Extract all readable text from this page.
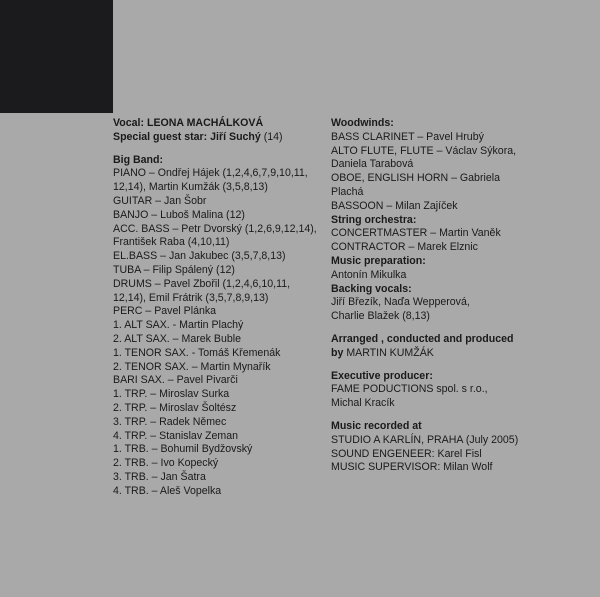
Vocal: LEONA MACHÁLKOVÁ
Special guest star: Jiří Suchý (14)
Big Band:
PIANO – Ondřej Hájek (1,2,4,6,7,9,10,11,
12,14), Martin Kumžák (3,5,8,13)
GUITAR – Jan Šobr
BANJO – Luboš Malina (12)
ACC. BASS – Petr Dvorský (1,2,6,9,12,14),
František Raba (4,10,11)
EL.BASS – Jan Jakubec (3,5,7,8,13)
TUBA – Filip Spálený (12)
DRUMS – Pavel Zbořil (1,2,4,6,10,11,
12,14), Emil Frátrik (3,5,7,8,9,13)
PERC – Pavel Plánka
1. ALT SAX. - Martin Plachý
2. ALT SAX. – Marek Buble
1. TENOR SAX. - Tomáš Křemenák
2. TENOR SAX. – Martin Mynařík
BARI SAX. – Pavel Pivarči
1. TRP. – Miroslav Surka
2. TRP. – Miroslav Šoltész
3. TRP. – Radek Němec
4. TRP. – Stanislav Zeman
1. TRB. – Bohumil Bydžovský
2. TRB. – Ivo Kopecký
3. TRB. – Jan Šatra
4. TRB. – Aleš Vopelka
Woodwinds:
BASS CLARINET – Pavel Hrubý
ALTO FLUTE, FLUTE – Václav Sýkora,
Daniela Tarabová
OBOE, ENGLISH HORN – Gabriela
Plachá
BASSOON – Milan Zajíček
String orchestra:
CONCERTMASTER – Martin Vaněk
CONTRACTOR – Marek Elznic
Music preparation:
Antonín Mikulka
Backing vocals:
Jiří Březík, Naďa Wepperová,
Charlie Blažek (8,13)
Arranged , conducted and produced
by MARTIN KUMŽÁK
Executive producer:
FAME PODUCTIONS spol. s r.o.,
Michal Kracík
Music recorded at
STUDIO A KARLÍN, PRAHA (July 2005)
SOUND ENGENEER: Karel Fisl
MUSIC SUPERVISOR: Milan Wolf
